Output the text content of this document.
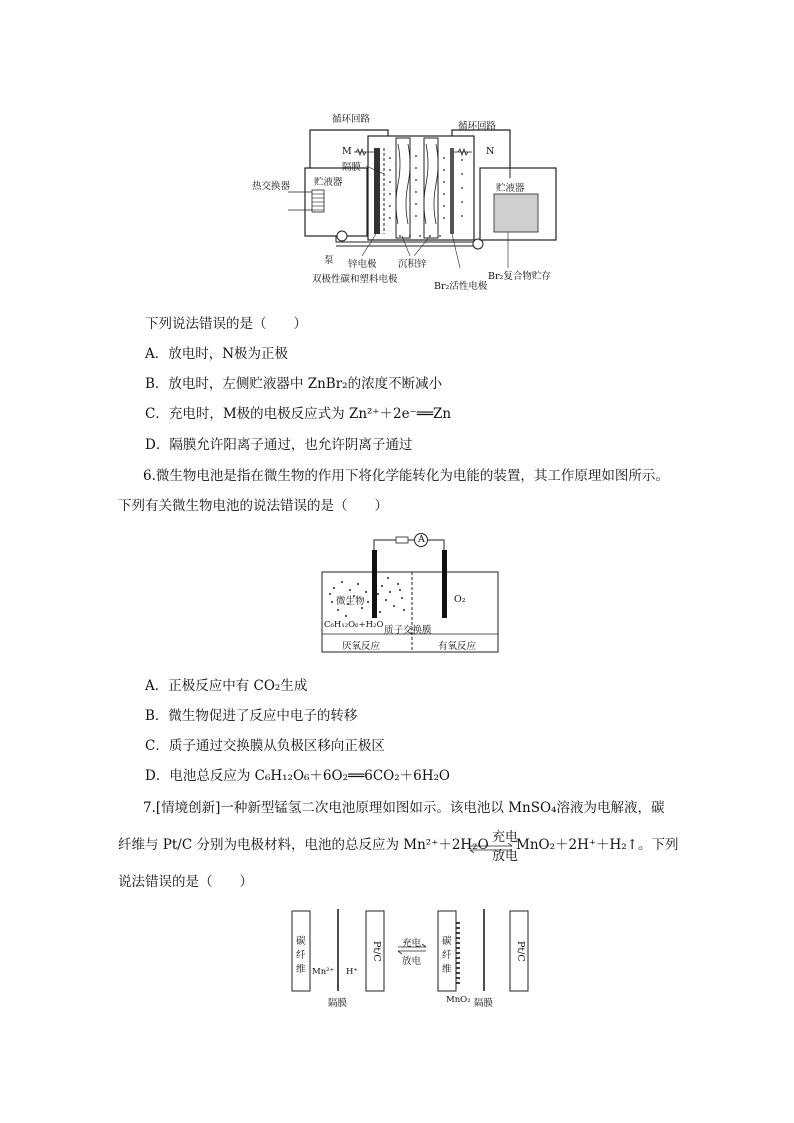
循环回路
循环回路
M	N
隔膜
热交换器	贮液器
贮液器
泵 锌电极 沉积锌
双极性碳和塑料电极
Br₂活性电极
Br₂复合物贮存
下列说法错误的是（　　）
A．放电时，N极为正极
B．放电时，左侧贮液器中 ZnBr₂的浓度不断减小
C．充电时，M极的电极反应式为 Zn²⁺＋2e⁻══Zn
D．隔膜允许阳离子通过，也允许阴离子通过
6.微生物电池是指在微生物的作用下将化学能转化为电能的装置，其工作原理如图所示。
下列有关微生物电池的说法错误的是（　　）
A
微生物
C₆H₁₂O₆+H₂O 质子交换膜
O₂
厌氧反应	有氧反应
A．正极反应中有 CO₂生成
B．微生物促进了反应中电子的转移
C．质子通过交换膜从负极区移向正极区
D．电池总反应为 C₆H₁₂O₆＋6O₂══6CO₂＋6H₂O
7.[情境创新]一种新型锰氢二次电池原理如图如示。该电池以 MnSO₄溶液为电解液，碳
纤维与 Pt/C 分别为电极材料，电池的总反应为 Mn²⁺＋2H₂O 充电
放电
MnO₂＋2H⁺＋H₂↑。下列
说法错误的是（　　）
碳
纤
维 Mn²⁺ H⁺
Pt/C 充电
放电
碳
纤
维
MnO₂
Pt/C
隔膜	隔膜
